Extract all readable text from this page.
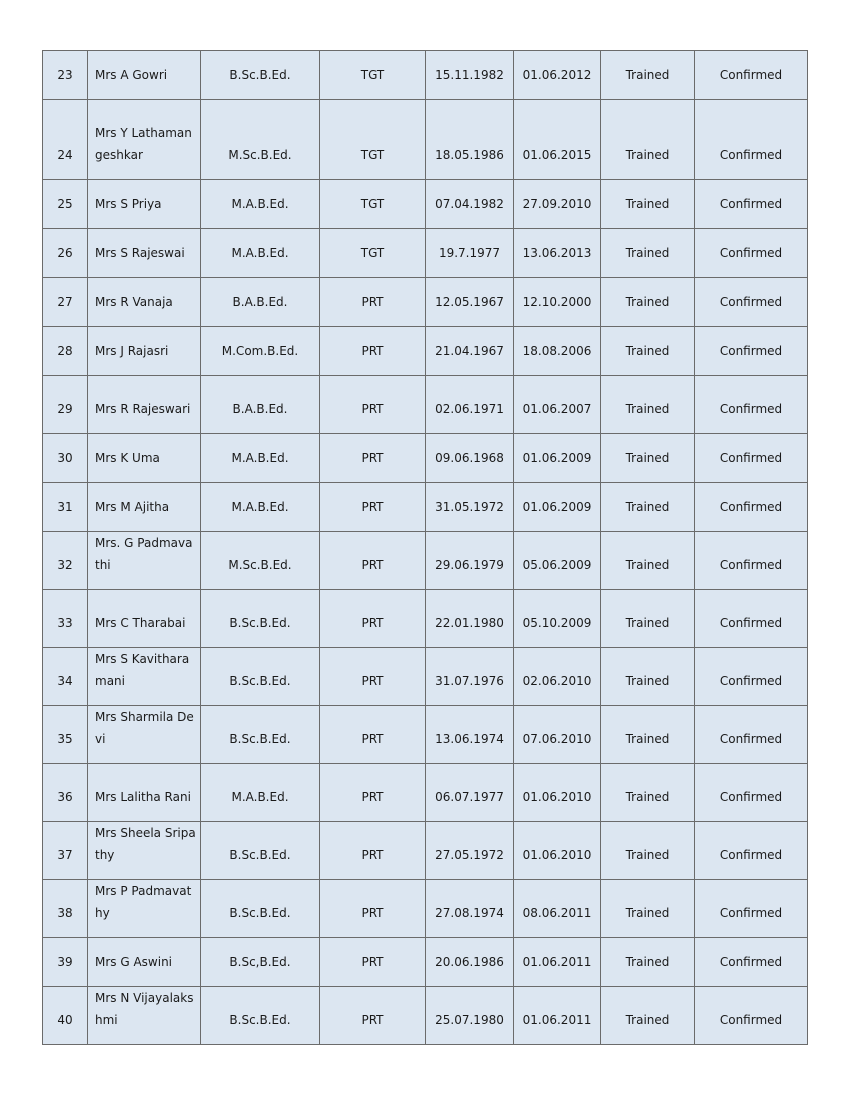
23	Mrs A Gowri	B.Sc.B.Ed.	TGT	15.11.1982	01.06.2012	Trained	Confirmed
24	Mrs Y Lathamangeshkar	M.Sc.B.Ed.	TGT	18.05.1986	01.06.2015	Trained	Confirmed
25	Mrs S Priya	M.A.B.Ed.	TGT	07.04.1982	27.09.2010	Trained	Confirmed
26	Mrs S Rajeswai	M.A.B.Ed.	TGT	19.7.1977	13.06.2013	Trained	Confirmed
27	Mrs R Vanaja	B.A.B.Ed.	PRT	12.05.1967	12.10.2000	Trained	Confirmed
28	Mrs J Rajasri	M.Com.B.Ed.	PRT	21.04.1967	18.08.2006	Trained	Confirmed
29	Mrs R Rajeswari	B.A.B.Ed.	PRT	02.06.1971	01.06.2007	Trained	Confirmed
30	Mrs K Uma	M.A.B.Ed.	PRT	09.06.1968	01.06.2009	Trained	Confirmed
31	Mrs M Ajitha	M.A.B.Ed.	PRT	31.05.1972	01.06.2009	Trained	Confirmed
32	Mrs. G Padmavathi	M.Sc.B.Ed.	PRT	29.06.1979	05.06.2009	Trained	Confirmed
33	Mrs C Tharabai	B.Sc.B.Ed.	PRT	22.01.1980	05.10.2009	Trained	Confirmed
34	Mrs S Kavitharamani	B.Sc.B.Ed.	PRT	31.07.1976	02.06.2010	Trained	Confirmed
35	Mrs Sharmila Devi	B.Sc.B.Ed.	PRT	13.06.1974	07.06.2010	Trained	Confirmed
36	Mrs Lalitha Rani	M.A.B.Ed.	PRT	06.07.1977	01.06.2010	Trained	Confirmed
37	Mrs Sheela Sripathy	B.Sc.B.Ed.	PRT	27.05.1972	01.06.2010	Trained	Confirmed
38	Mrs P Padmavathy	B.Sc.B.Ed.	PRT	27.08.1974	08.06.2011	Trained	Confirmed
39	Mrs G Aswini	B.Sc,B.Ed.	PRT	20.06.1986	01.06.2011	Trained	Confirmed
40	Mrs N Vijayalakshmi	B.Sc.B.Ed.	PRT	25.07.1980	01.06.2011	Trained	Confirmed
